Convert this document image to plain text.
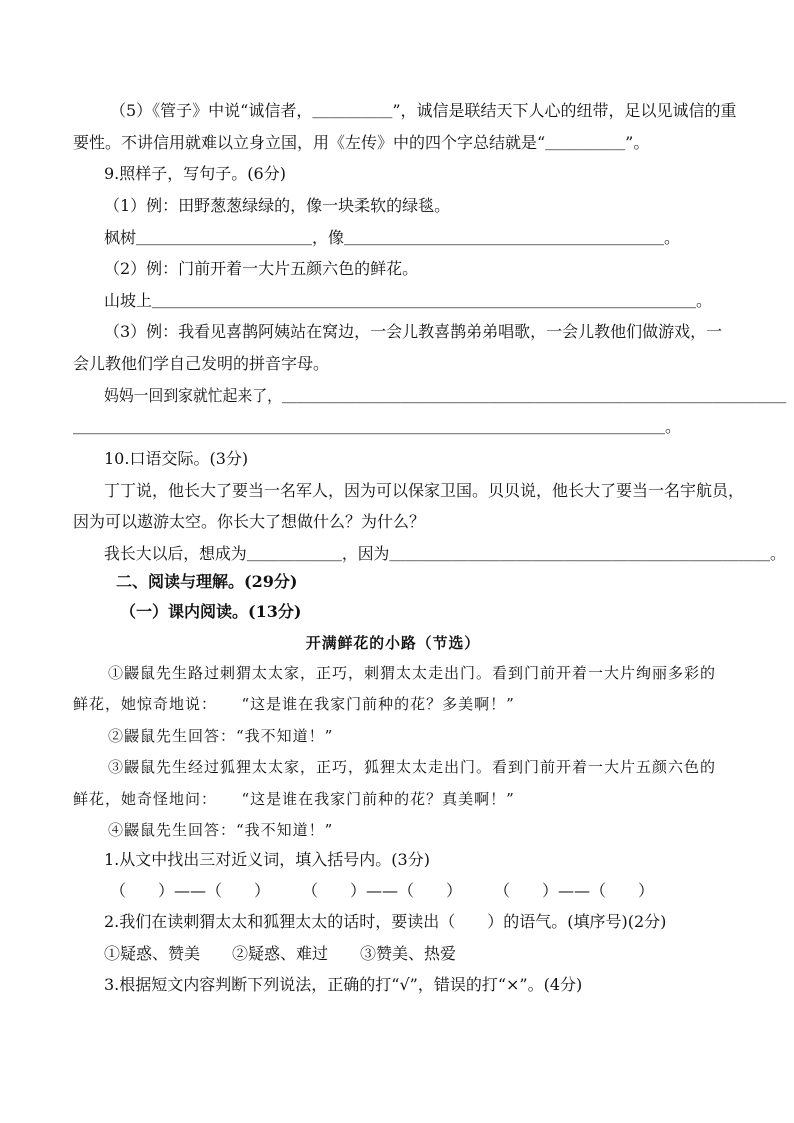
（5）《管子》中说“诚信者，＿＿＿＿＿”，诚信是联结天下人心的纽带，足以见诚信的重
要性。不讲信用就难以立身立国，用《左传》中的四个字总结就是“＿＿＿＿＿”。
9.照样子，写句子。(6分)
（1）例：田野葱葱绿绿的，像一块柔软的绿毯。
枫树＿＿＿＿＿＿＿＿＿＿＿，像＿＿＿＿＿＿＿＿＿＿＿＿＿＿＿＿＿＿＿＿。
（2）例：门前开着一大片五颜六色的鲜花。
山坡上＿＿＿＿＿＿＿＿＿＿＿＿＿＿＿＿＿＿＿＿＿＿＿＿＿＿＿＿＿＿＿＿＿＿。
（3）例：我看见喜鹊阿姨站在窝边，一会儿教喜鹊弟弟唱歌，一会儿教他们做游戏，一
会儿教他们学自己发明的拼音字母。
妈妈一回到家就忙起来了，＿＿＿＿＿＿＿＿＿＿＿＿＿＿＿＿＿＿＿＿＿＿＿＿＿＿＿＿＿＿＿＿＿＿
＿＿＿＿＿＿＿＿＿＿＿＿＿＿＿＿＿＿＿＿＿＿＿＿＿＿＿＿＿＿＿＿＿＿＿＿＿。
10.口语交际。(3分)
丁丁说，他长大了要当一名军人，因为可以保家卫国。贝贝说，他长大了要当一名宇航员，
因为可以遨游太空。你长大了想做什么？为什么？
我长大以后，想成为＿＿＿＿＿＿，因为＿＿＿＿＿＿＿＿＿＿＿＿＿＿＿＿＿＿＿＿＿＿＿＿。
二、阅读与理解。(29分)
（一）课内阅读。(13分)
开满鲜花的小路（节选）
①鼹鼠先生路过刺猬太太家，正巧，刺猬太太走出门。看到门前开着一大片绚丽多彩的
鲜花，她惊奇地说：　　“这是谁在我家门前种的花？多美啊！”
②鼹鼠先生回答：“我不知道！”
③鼹鼠先生经过狐狸太太家，正巧，狐狸太太走出门。看到门前开着一大片五颜六色的
鲜花，她奇怪地问：　　“这是谁在我家门前种的花？真美啊！”
④鼹鼠先生回答：“我不知道！”
1.从文中找出三对近义词，填入括号内。(3分)
（　　）——（　　）　　　（　　）——（　　）　　　（　　）——（　　）
2.我们在读刺猬太太和狐狸太太的话时，要读出（　　）的语气。(填序号)(2分)
①疑惑、赞美　　②疑惑、难过　　③赞美、热爱
3.根据短文内容判断下列说法，正确的打“√”，错误的打“×”。(4分)
